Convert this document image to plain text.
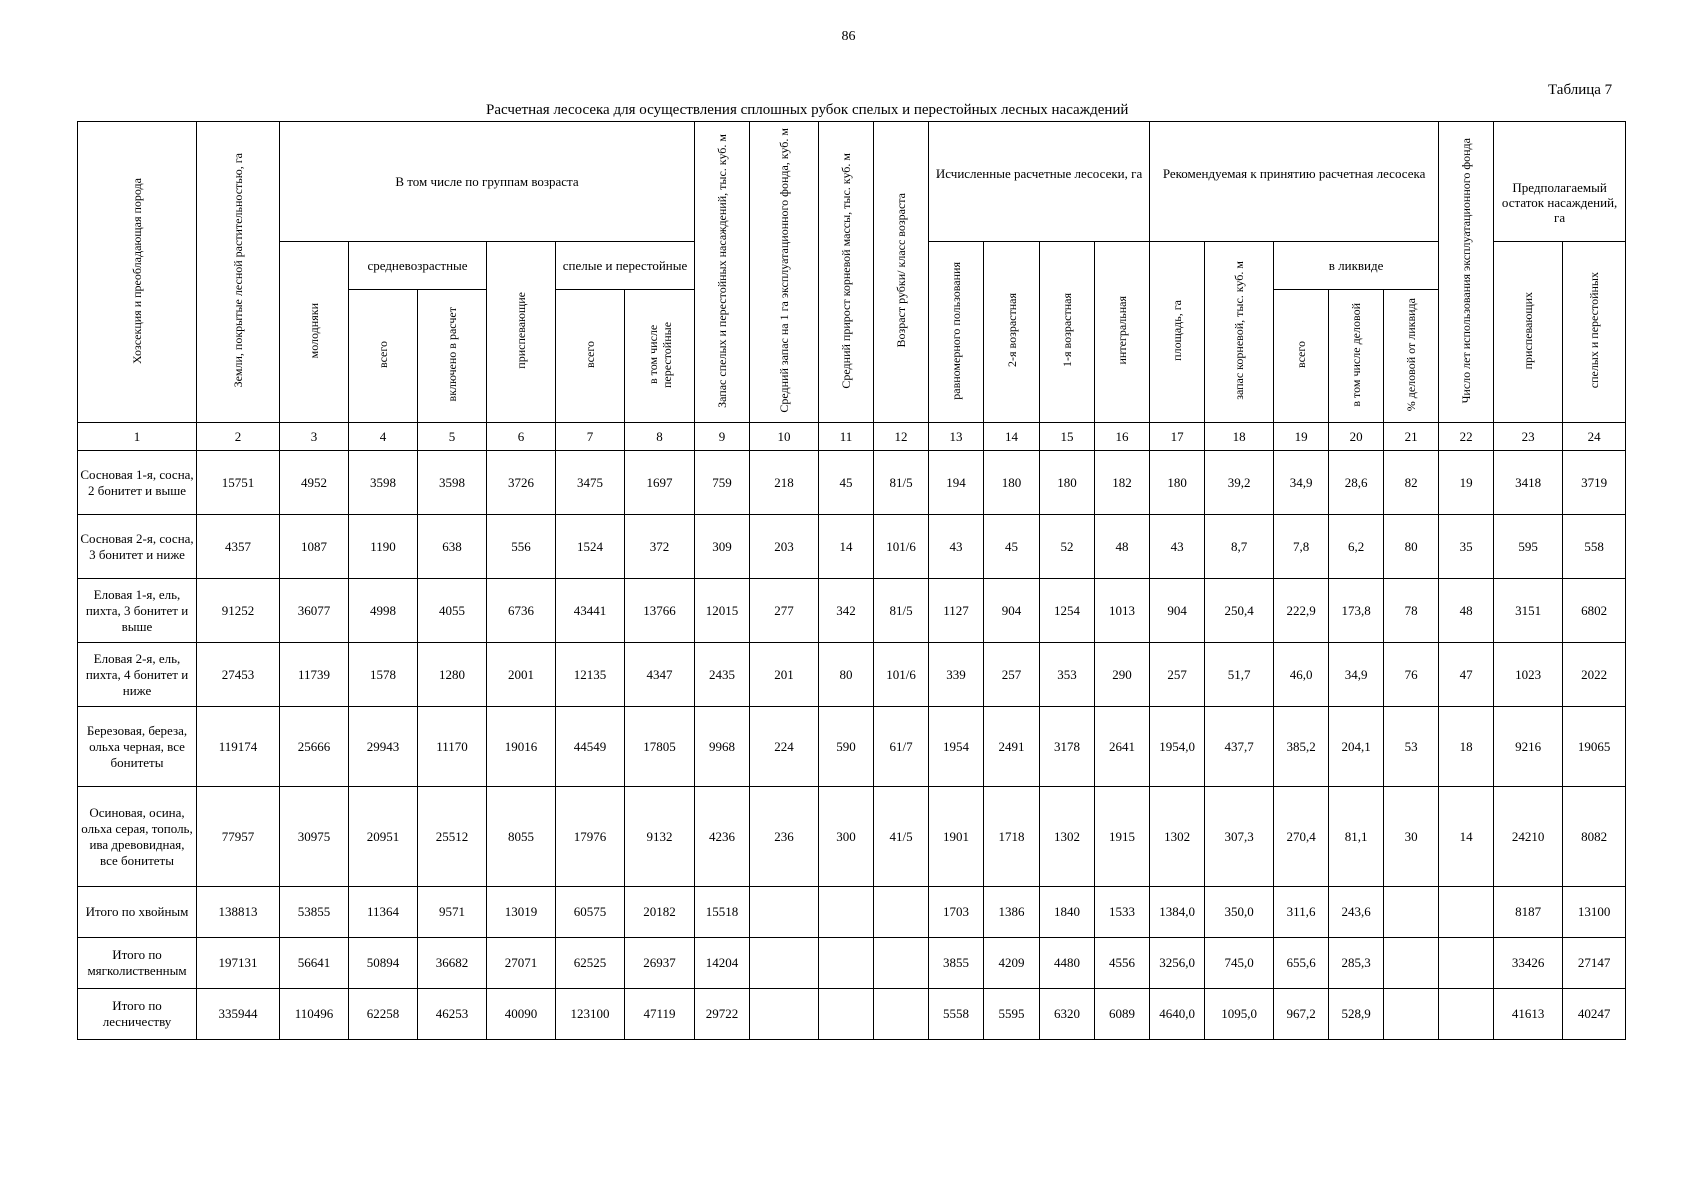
86
Таблица 7
Расчетная лесосека для осуществления сплошных рубок спелых и перестойных лесных насаждений
Хозсекция и преобладающая порода	Земли, покрытые лесной растительностью, га	В том числе по группам возраста						Запас спелых и перестойных насаждений, тыс. куб. м	Средний запас на 1 га эксплуатационного фонда, куб. м	Средний прирост корневой массы, тыс. куб. м	Возраст рубки/ класс возраста	Исчисленные расчетные лесосеки, га				Рекомендуемая к принятию расчетная лесосека					Число лет использования эксплуатационного фонда	Предполагаемый остаток насаждений, га	
		молодняки	средневозрастные		приспевающие	спелые и перестойные						равномерного пользования	2-я возрастная	1-я возрастная	интегральная	площадь, га	запас корневой, тыс. куб. м	в ликвиде				приспевающих	спелых и перестойных
			всего	включено в расчет		всего	в том числе перестойные											всего	в том числе деловой	% деловой от ликвида			
1	2	3	4	5	6	7	8	9	10	11	12	13	14	15	16	17	18	19	20	21	22	23	24
Сосновая 1-я, сосна, 2 бонитет и выше	15751	4952	3598	3598	3726	3475	1697	759	218	45	81/5	194	180	180	182	180	39,2	34,9	28,6	82	19	3418	3719
Сосновая 2-я, сосна, 3 бонитет и ниже	4357	1087	1190	638	556	1524	372	309	203	14	101/6	43	45	52	48	43	8,7	7,8	6,2	80	35	595	558
Еловая 1-я, ель, пихта, 3 бонитет и выше	91252	36077	4998	4055	6736	43441	13766	12015	277	342	81/5	1127	904	1254	1013	904	250,4	222,9	173,8	78	48	3151	6802
Еловая 2-я, ель, пихта, 4 бонитет и ниже	27453	11739	1578	1280	2001	12135	4347	2435	201	80	101/6	339	257	353	290	257	51,7	46,0	34,9	76	47	1023	2022
Березовая, береза, ольха черная, все бонитеты	119174	25666	29943	11170	19016	44549	17805	9968	224	590	61/7	1954	2491	3178	2641	1954,0	437,7	385,2	204,1	53	18	9216	19065
Осиновая, осина, ольха серая, тополь, ива древовидная, все бонитеты	77957	30975	20951	25512	8055	17976	9132	4236	236	300	41/5	1901	1718	1302	1915	1302	307,3	270,4	81,1	30	14	24210	8082
Итого по хвойным	138813	53855	11364	9571	13019	60575	20182	15518				1703	1386	1840	1533	1384,0	350,0	311,6	243,6			8187	13100
Итого по мягколиственным	197131	56641	50894	36682	27071	62525	26937	14204				3855	4209	4480	4556	3256,0	745,0	655,6	285,3			33426	27147
Итого по лесничеству	335944	110496	62258	46253	40090	123100	47119	29722				5558	5595	6320	6089	4640,0	1095,0	967,2	528,9			41613	40247
